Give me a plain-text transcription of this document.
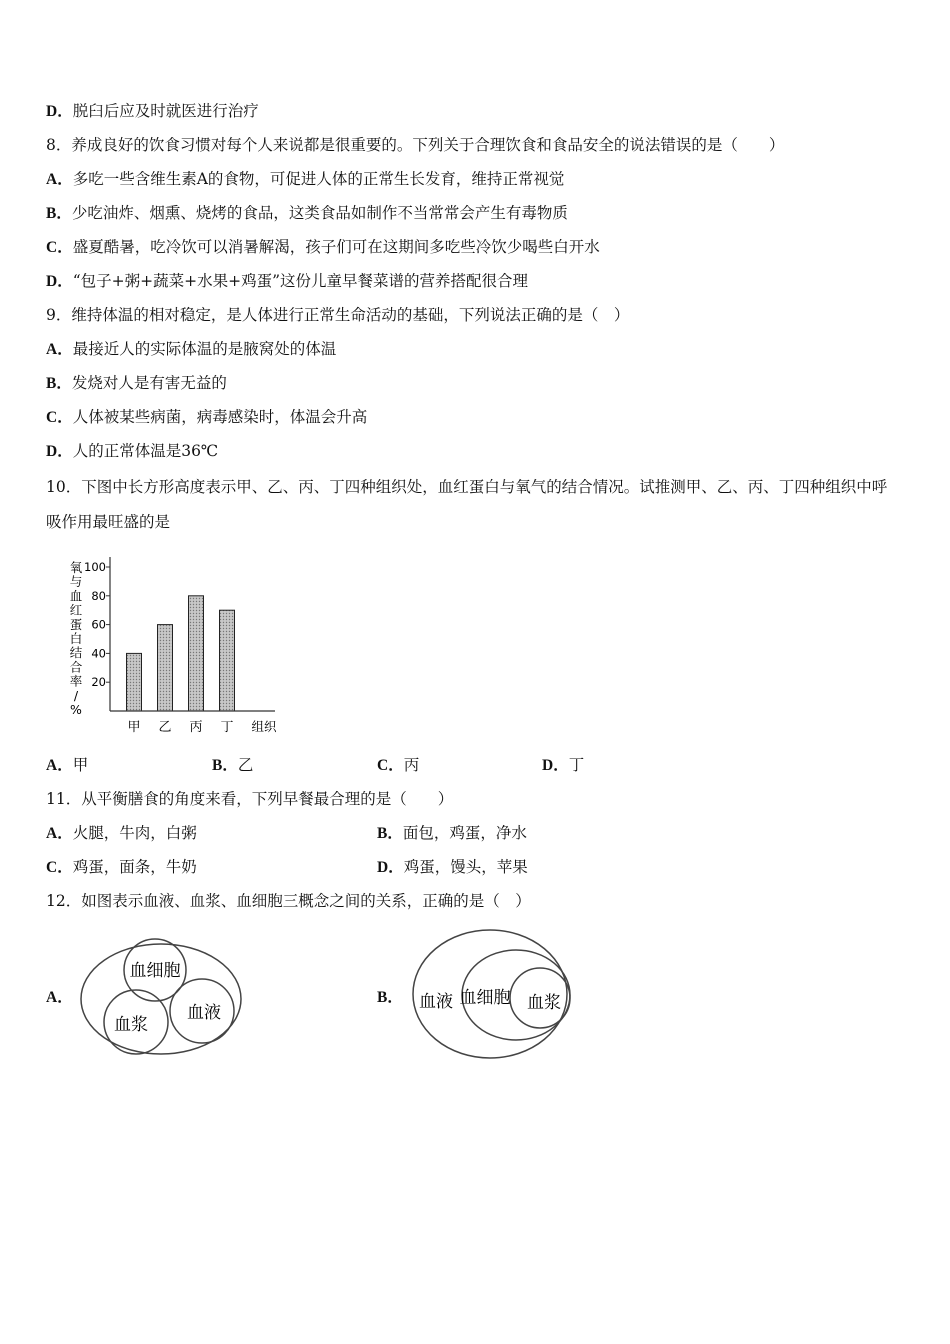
D．脱臼后应及时就医进行治疗
8．养成良好的饮食习惯对每个人来说都是很重要的。下列关于合理饮食和食品安全的说法错误的是（　　）
A．多吃一些含维生素A的食物，可促进人体的正常生长发育，维持正常视觉
B．少吃油炸、烟熏、烧烤的食品，这类食品如制作不当常常会产生有毒物质
C．盛夏酷暑，吃冷饮可以消暑解渴，孩子们可在这期间多吃些冷饮少喝些白开水
D．“包子+粥+蔬菜+水果+鸡蛋”这份儿童早餐菜谱的营养搭配很合理
9．维持体温的相对稳定，是人体进行正常生命活动的基础，下列说法正确的是（　）
A．最接近人的实际体温的是腋窝处的体温
B．发烧对人是有害无益的
C．人体被某些病菌，病毒感染时，体温会升高
D．人的正常体温是36℃
10．下图中长方形高度表示甲、乙、丙、丁四种组织处，血红蛋白与氧气的结合情况。试推测甲、乙、丙、丁四种组织中呼
吸作用最旺盛的是
氧
与
血
红
蛋
白
结
合
率
/
%
20
40
60
80
100
甲 乙 丙 丁 组织
A．甲	B．乙	C．丙	D．丁
11．从平衡膳食的角度来看，下列早餐最合理的是（　　）
A．火腿，牛肉，白粥	B．面包，鸡蛋，净水
C．鸡蛋，面条，牛奶	D．鸡蛋，馒头，苹果
12．如图表示血液、血浆、血细胞三概念之间的关系，正确的是（　）
A．
血细胞
血浆
血液
B． 血液 血细胞 血浆
